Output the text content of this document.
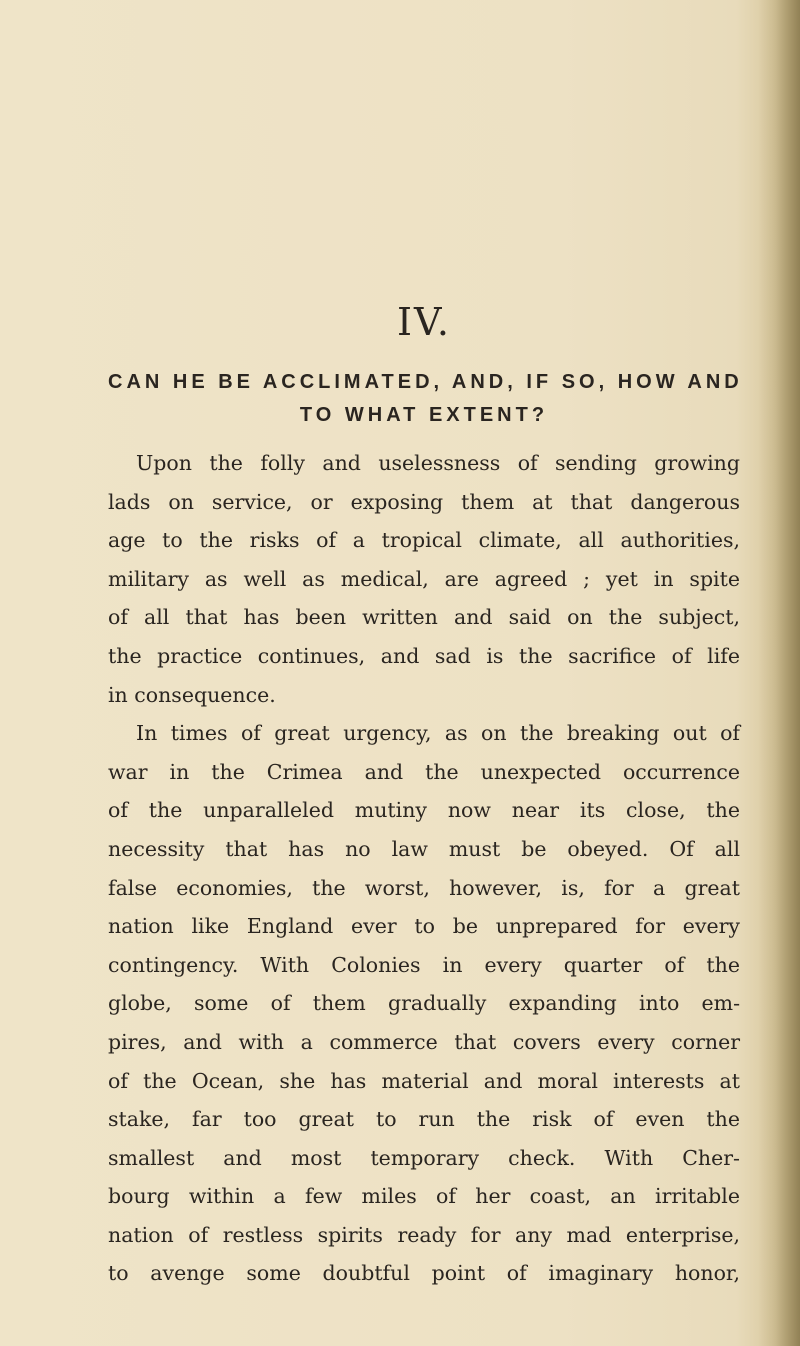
IV.
CAN HE BE ACCLIMATED, AND, IF SO, HOW AND
TO WHAT EXTENT?
Upon the folly and uselessness of sending growing
lads on service, or exposing them at that dangerous
age to the risks of a tropical climate, all authorities,
military as well as medical, are agreed ; yet in spite
of all that has been written and said on the subject,
the practice continues, and sad is the sacrifice of life
in consequence.
In times of great urgency, as on the breaking out of
war in the Crimea and the unexpected occurrence
of the unparalleled mutiny now near its close, the
necessity that has no law must be obeyed. Of all
false economies, the worst, however, is, for a great
nation like England ever to be unprepared for every
contingency. With Colonies in every quarter of the
globe, some of them gradually expanding into em-
pires, and with a commerce that covers every corner
of the Ocean, she has material and moral interests at
stake, far too great to run the risk of even the
smallest and most temporary check. With Cher-
bourg within a few miles of her coast, an irritable
nation of restless spirits ready for any mad enterprise,
to avenge some doubtful point of imaginary honor,
